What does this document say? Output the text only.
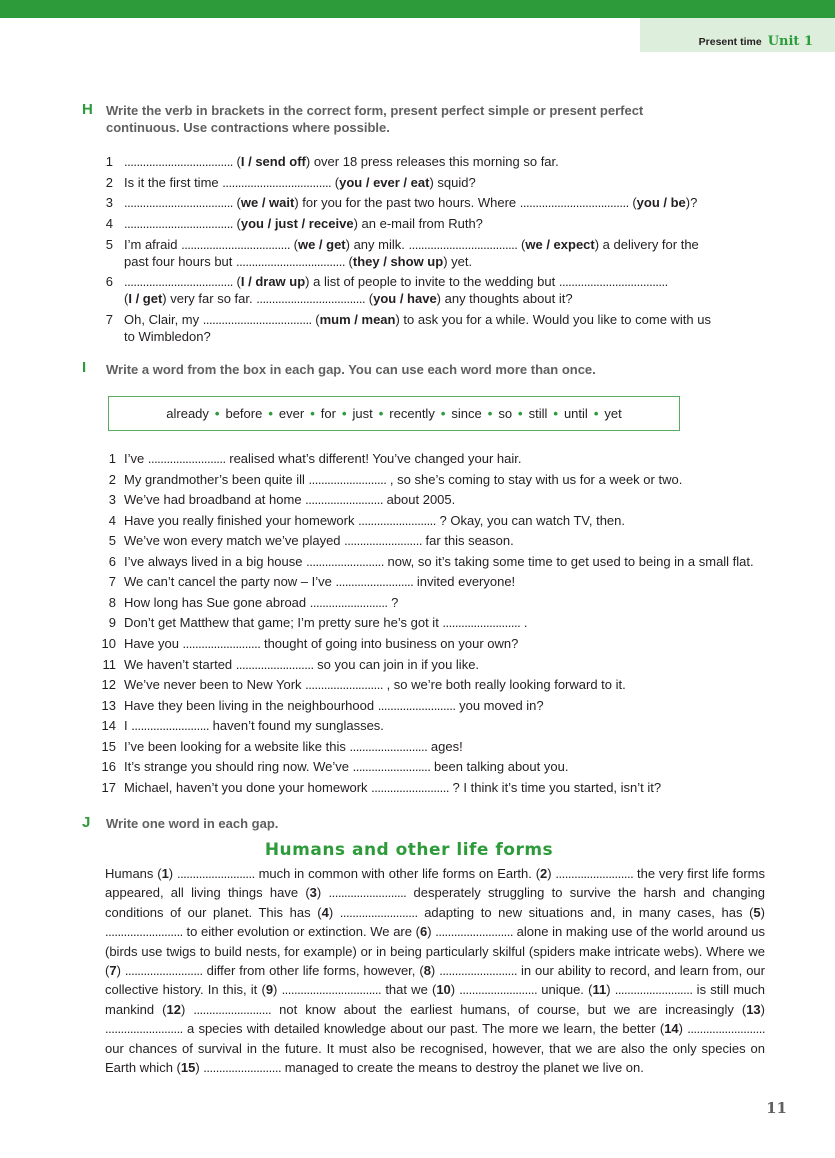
Present time Unit 1
H Write the verb in brackets in the correct form, present perfect simple or present perfect
continuous. Use contractions where possible.
1 ................................... (I / send off) over 18 press releases this morning so far.
2 Is it the first time ................................... (you / ever / eat) squid?
3 ................................... (we / wait) for you for the past two hours. Where ................................... (you / be)?
4 ................................... (you / just / receive) an e-mail from Ruth?
5 I’m afraid ................................... (we / get) any milk. ................................... (we / expect) a delivery for the
past four hours but ................................... (they / show up) yet.
6 ................................... (I / draw up) a list of people to invite to the wedding but ...................................
(I / get) very far so far. ................................... (you / have) any thoughts about it?
7 Oh, Clair, my ................................... (mum / mean) to ask you for a while. Would you like to come with us
to Wimbledon?
I Write a word from the box in each gap. You can use each word more than once.
already • before • ever • for • just • recently • since • so • still • until • yet
1 I’ve ......................... realised what’s different! You’ve changed your hair.
2 My grandmother’s been quite ill ......................... , so she’s coming to stay with us for a week or two.
3 We’ve had broadband at home ......................... about 2005.
4 Have you really finished your homework ......................... ? Okay, you can watch TV, then.
5 We’ve won every match we’ve played ......................... far this season.
6 I’ve always lived in a big house ......................... now, so it’s taking some time to get used to being in a small flat.
7 We can’t cancel the party now – I’ve ......................... invited everyone!
8 How long has Sue gone abroad ......................... ?
9 Don’t get Matthew that game; I’m pretty sure he’s got it ......................... .
10 Have you ......................... thought of going into business on your own?
11 We haven’t started ......................... so you can join in if you like.
12 We’ve never been to New York ......................... , so we’re both really looking forward to it.
13 Have they been living in the neighbourhood ......................... you moved in?
14 I ......................... haven’t found my sunglasses.
15 I’ve been looking for a website like this ......................... ages!
16 It’s strange you should ring now. We’ve ......................... been talking about you.
17 Michael, haven’t you done your homework ......................... ? I think it’s time you started, isn’t it?
J Write one word in each gap.
Humans and other life forms
Humans (1) ......................... much in common with other life forms on Earth. (2) ......................... the very first life forms appeared, all living things have (3) ......................... desperately struggling to survive the harsh and changing conditions of our planet. This has (4) ......................... adapting to new situations and, in many cases, has (5) ......................... to either evolution or extinction. We are (6) ......................... alone in making use of the world around us (birds use twigs to build nests, for example) or in being particularly skilful (spiders make intricate webs). Where we (7) ......................... differ from other life forms, however, (8) ......................... in our ability to record, and learn from, our collective history. In this, it (9) ................................ that we (10) ......................... unique. (11) ......................... is still much mankind (12) ......................... not know about the earliest humans, of course, but we are increasingly (13) ......................... a species with detailed knowledge about our past. The more we learn, the better (14) ......................... our chances of survival in the future. It must also be recognised, however, that we are also the only species on Earth which (15) ......................... managed to create the means to destroy the planet we live on.
11
